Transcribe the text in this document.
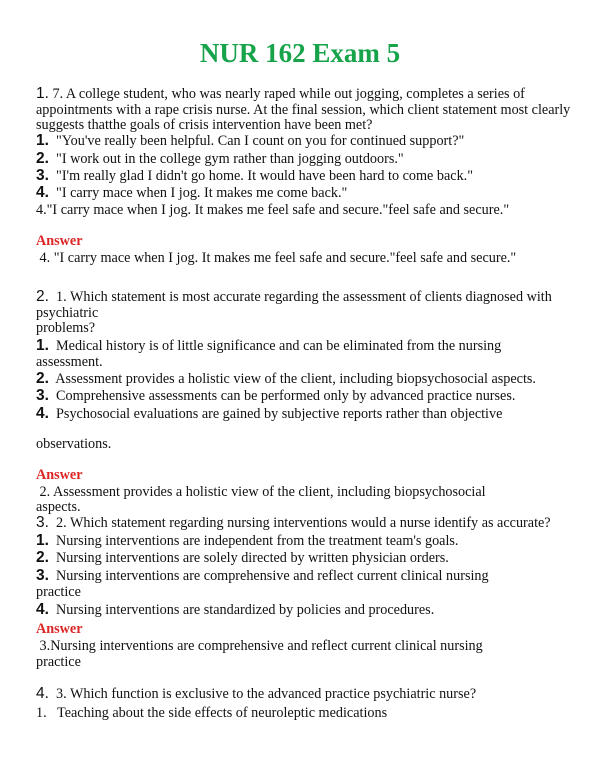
NUR 162 Exam 5
1. 7. A college student, who was nearly raped while out jogging, completes a series of
appointments with a rape crisis nurse. At the final session, which client statement most clearly
suggests thatthe goals of crisis intervention have been met?
1. "You've really been helpful. Can I count on you for continued support?"
2. "I work out in the college gym rather than jogging outdoors."
3. "I'm really glad I didn't go home. It would have been hard to come back."
4. "I carry mace when I jog. It makes me come back."
4."I carry mace when I jog. It makes me feel safe and secure."feel safe and secure."
Answer
4. "I carry mace when I jog. It makes me feel safe and secure."feel safe and secure."
2. 1. Which statement is most accurate regarding the assessment of clients diagnosed with
psychiatric
problems?
1. Medical history is of little significance and can be eliminated from the nursing
assessment.
2. Assessment provides a holistic view of the client, including biopsychosocial aspects.
3. Comprehensive assessments can be performed only by advanced practice nurses.
4. Psychosocial evaluations are gained by subjective reports rather than objective
observations.
Answer
2. Assessment provides a holistic view of the client, including biopsychosocial
aspects.
3. 2. Which statement regarding nursing interventions would a nurse identify as accurate?
1. Nursing interventions are independent from the treatment team's goals.
2. Nursing interventions are solely directed by written physician orders.
3. Nursing interventions are comprehensive and reflect current clinical nursing
practice
4. Nursing interventions are standardized by policies and procedures.
Answer
3.Nursing interventions are comprehensive and reflect current clinical nursing
practice
4. 3. Which function is exclusive to the advanced practice psychiatric nurse?
1. Teaching about the side effects of neuroleptic medications
